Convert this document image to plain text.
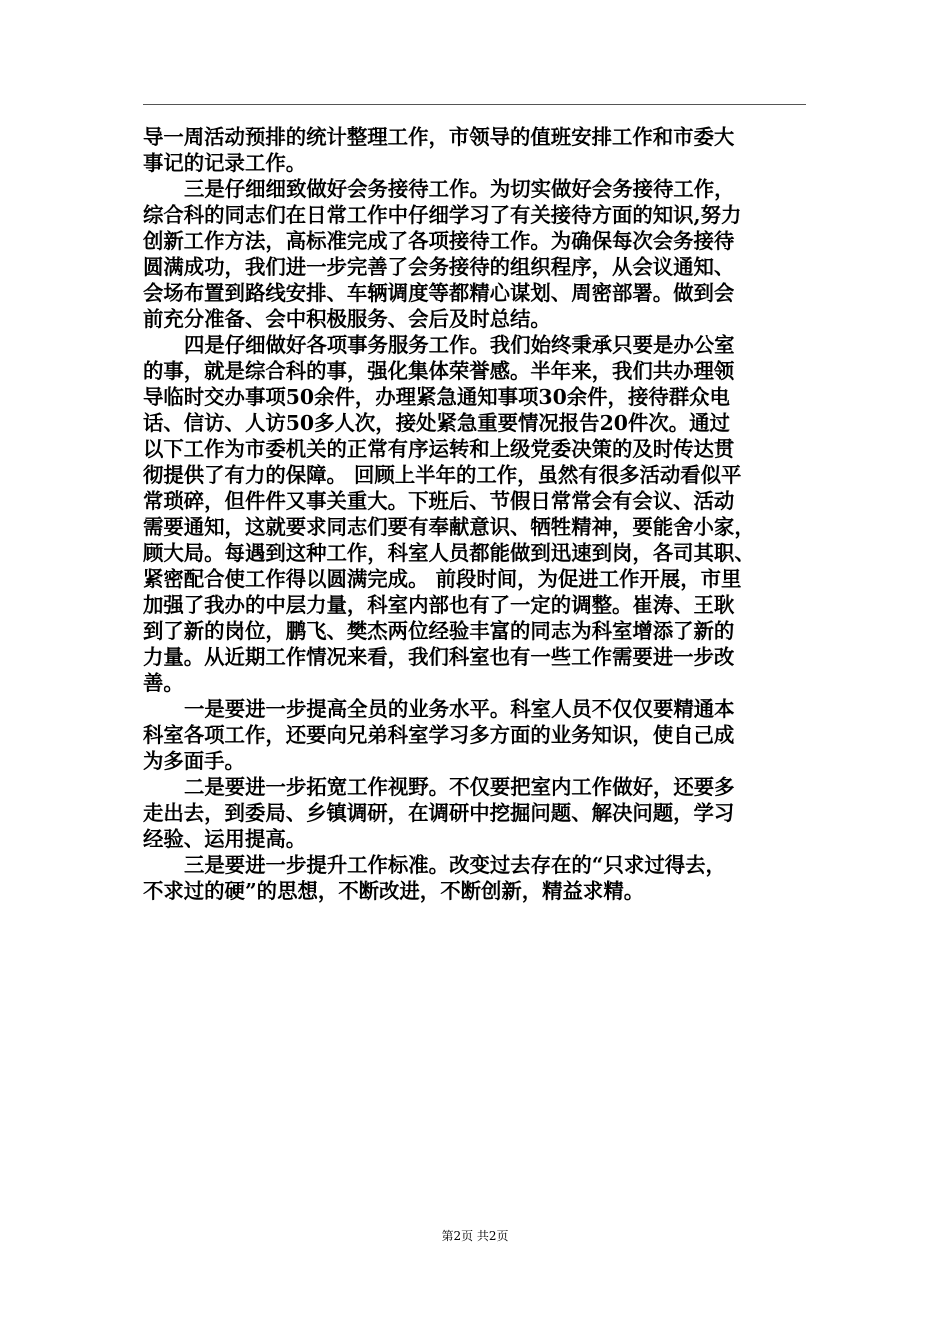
导一周活动预排的统计整理工作，市领导的值班安排工作和市委大

事记的记录工作。

三是仔细细致做好会务接待工作。为切实做好会务接待工作，

综合科的同志们在日常工作中仔细学习了有关接待方面的知识,努力

创新工作方法，高标准完成了各项接待工作。为确保每次会务接待

圆满成功，我们进一步完善了会务接待的组织程序，从会议通知、

会场布置到路线安排、车辆调度等都精心谋划、周密部署。做到会

前充分准备、会中积极服务、会后及时总结。

四是仔细做好各项事务服务工作。我们始终秉承只要是办公室

的事，就是综合科的事，强化集体荣誉感。半年来，我们共办理领

导临时交办事项50余件，办理紧急通知事项30余件，接待群众电

话、信访、人访50多人次，接处紧急重要情况报告20件次。通过

以下工作为市委机关的正常有序运转和上级党委决策的及时传达贯

彻提供了有力的保障。 回顾上半年的工作，虽然有很多活动看似平

常琐碎，但件件又事关重大。下班后、节假日常常会有会议、活动

需要通知，这就要求同志们要有奉献意识、牺牲精神，要能舍小家，

顾大局。每遇到这种工作，科室人员都能做到迅速到岗，各司其职、

紧密配合使工作得以圆满完成。 前段时间，为促进工作开展，市里

加强了我办的中层力量，科室内部也有了一定的调整。崔涛、王耿

到了新的岗位，鹏飞、樊杰两位经验丰富的同志为科室增添了新的

力量。从近期工作情况来看，我们科室也有一些工作需要进一步改

善。

一是要进一步提高全员的业务水平。科室人员不仅仅要精通本

科室各项工作，还要向兄弟科室学习多方面的业务知识，使自己成

为多面手。

二是要进一步拓宽工作视野。不仅要把室内工作做好，还要多

走出去，到委局、乡镇调研，在调研中挖掘问题、解决问题，学习

经验、运用提高。

三是要进一步提升工作标准。改变过去存在的“只求过得去，

不求过的硬”的思想，不断改进，不断创新，精益求精。

第2页 共2页
